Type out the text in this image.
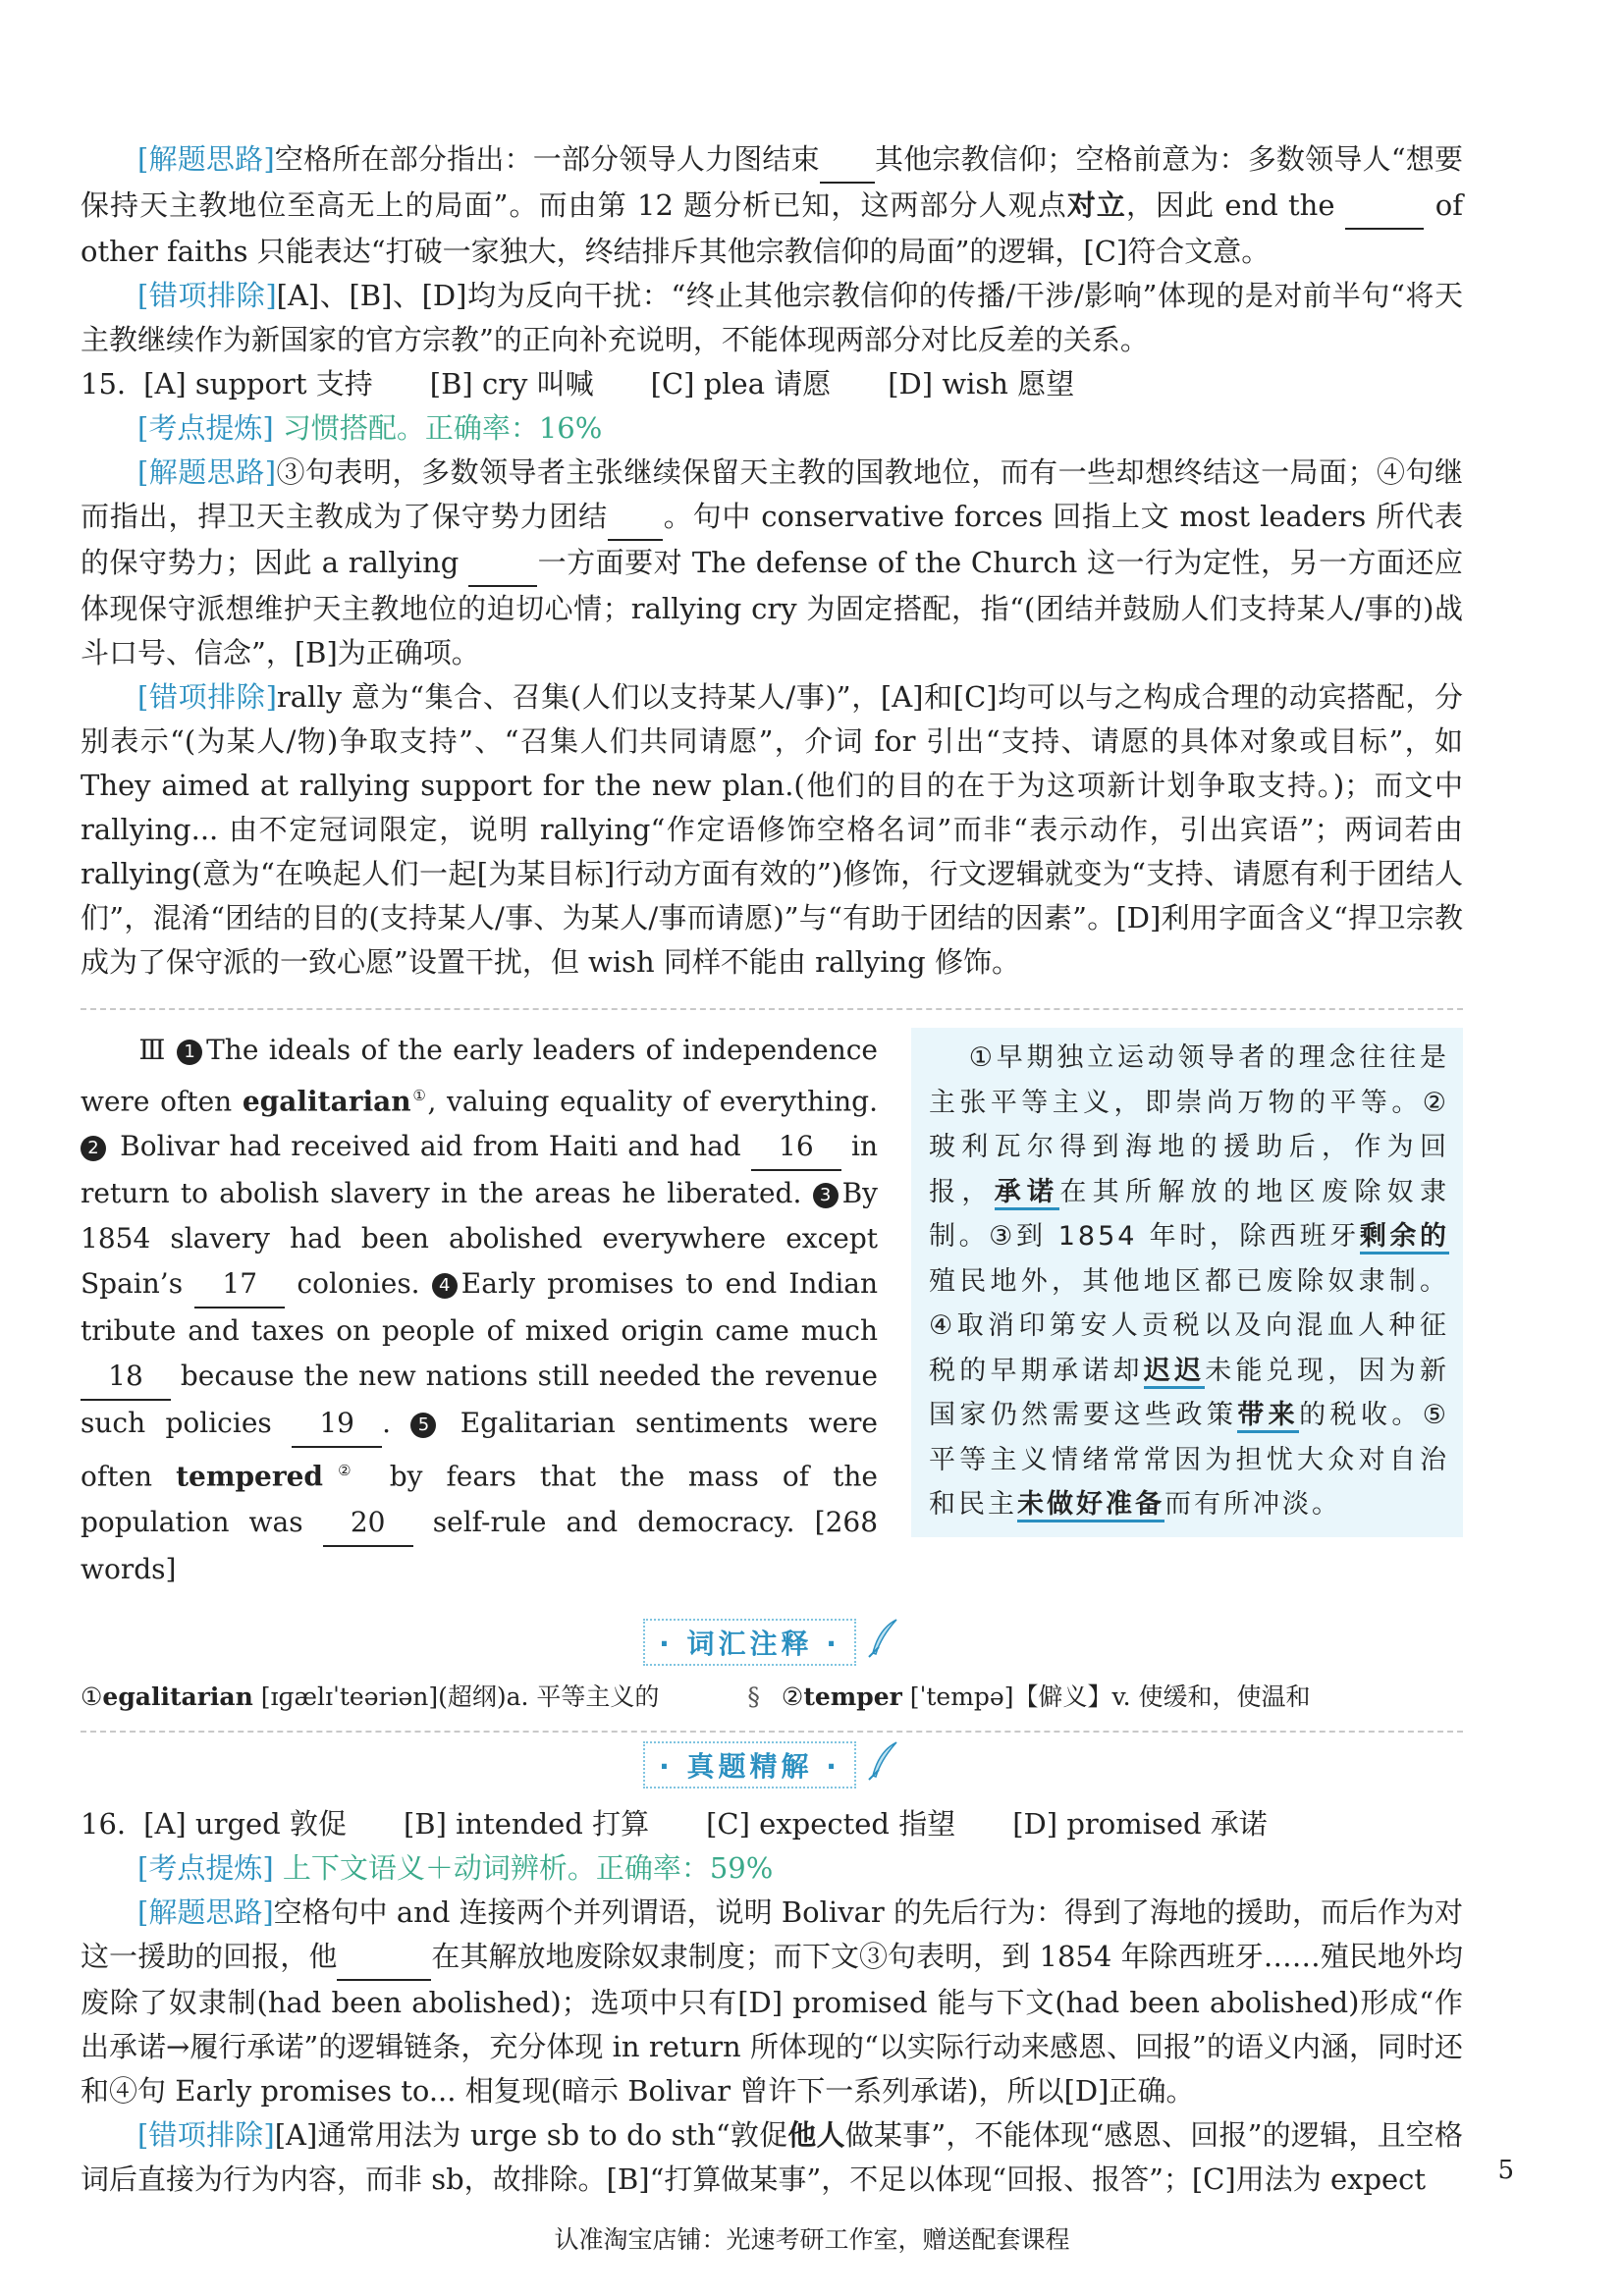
[解题思路]空格所在部分指出：一部分领导人力图结束 其他宗教信仰；空格前意为：多数领导人“想要保持天主教地位至高无上的局面”。而由第 12 题分析已知，这两部分人观点对立，因此 end the	of other faiths 只能表达“打破一家独大，终结排斥其他宗教信仰的局面”的逻辑，[C]符合文意。

[错项排除][A]、[B]、[D]均为反向干扰：“终止其他宗教信仰的传播/干涉/影响”体现的是对前半句“将天主教继续作为新国家的官方宗教”的正向补充说明，不能体现两部分对比反差的关系。

15. [A] support 支持 [B] cry 叫喊 [C] plea 请愿 [D] wish 愿望

[考点提炼] 习惯搭配。正确率：16%

[解题思路]③句表明，多数领导者主张继续保留天主教的国教地位，而有一些却想终结这一局面；④句继而指出，捍卫天主教成为了保守势力团结 。句中 conservative forces 回指上文 most leaders 所代表的保守势力；因此 a rallying	一方面要对 The defense of the Church 这一行为定性，另一方面还应体现保守派想维护天主教地位的迫切心情；rallying cry 为固定搭配，指“(团结并鼓励人们支持某人/事的)战斗口号、信念”，[B]为正确项。

[错项排除]rally 意为“集合、召集(人们以支持某人/事)”，[A]和[C]均可以与之构成合理的动宾搭配，分别表示“(为某人/物)争取支持”、“召集人们共同请愿”，介词 for 引出“支持、请愿的具体对象或目标”，如 They aimed at rallying support for the new plan.(他们的目的在于为这项新计划争取支持。)；而文中 rallying... 由不定冠词限定，说明 rallying“作定语修饰空格名词”而非“表示动作，引出宾语”；两词若由 rallying(意为“在唤起人们一起[为某目标]行动方面有效的”)修饰，行文逻辑就变为“支持、请愿有利于团结人们”，混淆“团结的目的(支持某人/事、为某人/事而请愿)”与“有助于团结的因素”。[D]利用字面含义“捍卫宗教成为了保守派的一致心愿”设置干扰，但 wish 同样不能由 rallying 修饰。

Ⅲ 1 The ideals of the early leaders of independence were often egalitarian①, valuing equality of everything. 2 Bolivar had received aid from Haiti and had 16 in return to abolish slavery in the areas he liberated. 3 By 1854 slavery had been abolished everywhere except Spain’s 17 colonies. 4 Early promises to end Indian tribute and taxes on people of mixed origin came much 18 because the new nations still needed the revenue such policies 19 . 5 Egalitarian sentiments were often tempered② by fears that the mass of the population was 20 self-rule and democracy. [268 words]

①早期独立运动领导者的理念往往是主张平等主义，即崇尚万物的平等。②玻利瓦尔得到海地的援助后，作为回报，承诺在其所解放的地区废除奴隶制。③到 1854 年时，除西班牙剩余的殖民地外，其他地区都已废除奴隶制。④取消印第安人贡税以及向混血人种征税的早期承诺却迟迟未能兑现，因为新国家仍然需要这些政策带来的税收。⑤平等主义情绪常常因为担忧大众对自治和民主未做好准备而有所冲淡。
· 词汇注释 ·
① egalitarian
[ɪɡælɪˈteəriən](超纲)a. 平等主义的	§ ② temper
[ˈtempə]【僻义】v. 使缓和，使温和
· 真题精解 ·

16. [A] urged 敦促 [B] intended 打算 [C] expected 指望 [D] promised 承诺

[考点提炼] 上下文语义＋动词辨析。正确率：59%

[解题思路]空格句中 and 连接两个并列谓语，说明 Bolivar 的先后行为：得到了海地的援助，而后作为对这一援助的回报，他	在其解放地废除奴隶制度；而下文③句表明，到 1854 年除西班牙……殖民地外均废除了奴隶制(had been abolished)；选项中只有[D] promised 能与下文(had been abolished)形成“作出承诺→履行承诺”的逻辑链条，充分体现 in return 所体现的“以实际行动来感恩、回报”的语义内涵，同时还和④句 Early promises to... 相复现(暗示 Bolivar 曾许下一系列承诺)，所以[D]正确。

[错项排除][A]通常用法为 urge sb to do sth“敦促他人做某事”，不能体现“感恩、回报”的逻辑，且空格词后直接为行为内容，而非 sb，故排除。[B]“打算做某事”，不足以体现“回报、报答”；[C]用法为 expect	5
认准淘宝店铺：光速考研工作室，赠送配套课程
